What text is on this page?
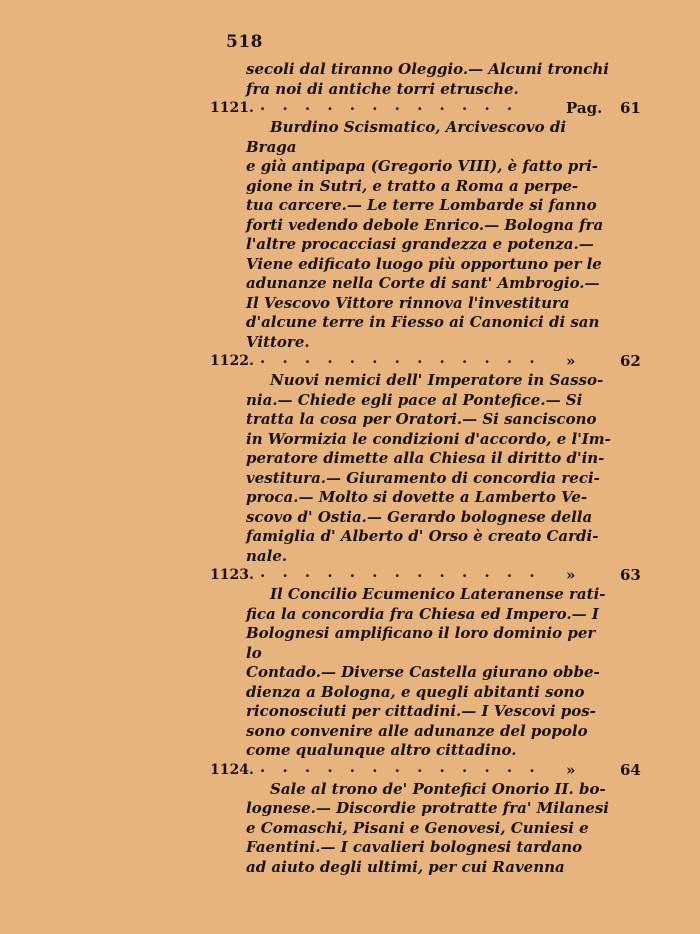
518

secoli dal tiranno Oleggio.— Alcuni tronchi

fra noi di antiche torri etrusche.

1121. . . . . . . . . . . . .	Pag. 61

Burdino Scismatico, Arcivescovo di Braga

e già antipapa (Gregorio VIII), è fatto pri-

gione in Sutri, e tratto a Roma a perpe-

tua carcere.— Le terre Lombarde si fanno

forti vedendo debole Enrico.— Bologna fra

l'altre procacciasi grandezza e potenza.—

Viene edificato luogo più opportuno per le

adunanze nella Corte di sant' Ambrogio.—

Il Vescovo Vittore rinnova l'investitura

d'alcune terre in Fiesso ai Canonici di san

Vittore.

1122. . . . . . . . . . . . . . »	62

Nuovi nemici dell' Imperatore in Sasso-

nia.— Chiede egli pace al Pontefice.— Si

tratta la cosa per Oratori.— Si sanciscono

in Wormizia le condizioni d'accordo, e l'Im-

peratore dimette alla Chiesa il diritto d'in-

vestitura.— Giuramento di concordia reci-

proca.— Molto si dovette a Lamberto Ve-

scovo d' Ostia.— Gerardo bolognese della

famiglia d' Alberto d' Orso è creato Cardi-

nale.

1123. . . . . . . . . . . . . . »	63

Il Concilio Ecumenico Lateranense rati-

fica la concordia fra Chiesa ed Impero.— I

Bolognesi amplificano il loro dominio per lo

Contado.— Diverse Castella giurano obbe-

dienza a Bologna, e quegli abitanti sono

riconosciuti per cittadini.— I Vescovi pos-

sono convenire alle adunanze del popolo

come qualunque altro cittadino.

1124. . . . . . . . . . . . . . »	64

Sale al trono de' Pontefici Onorio II. bo-

lognese.— Discordie protratte fra' Milanesi

e Comaschi, Pisani e Genovesi, Cuniesi e

Faentini.— I cavalieri bolognesi tardano

ad aiuto degli ultimi, per cui Ravenna
